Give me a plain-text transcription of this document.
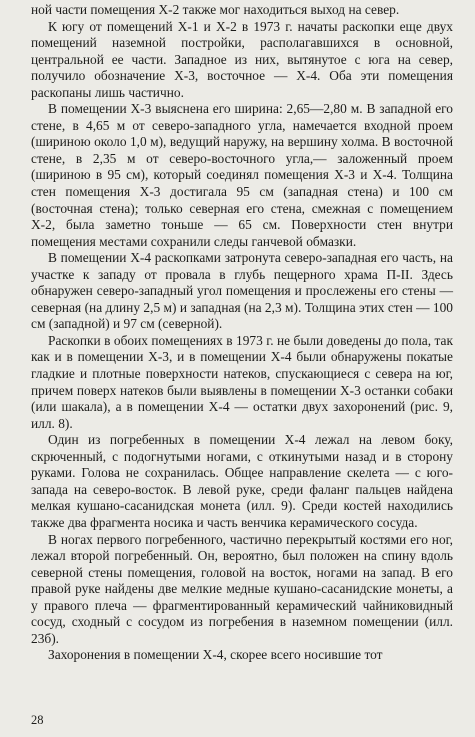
ной части помещения Х-2 также мог находиться выход на север.

К югу от помещений Х-1 и Х-2 в 1973 г. начаты раскопки еще двух помещений наземной постройки, располагавшихся в основной, центральной ее части. Западное из них, вытянутое с юга на север, получило обозначение Х-3, восточное — Х-4. Оба эти помещения раскопаны лишь частично.

В помещении Х-3 выяснена его ширина: 2,65—2,80 м. В западной его стене, в 4,65 м от северо-западного угла, намечается входной проем (шириною около 1,0 м), ведущий наружу, на вершину холма. В восточной стене, в 2,35 м от северо-восточного угла,— заложенный проем (шириною в 95 см), который соединял помещения Х-3 и Х-4. Толщина стен помещения Х-3 достигала 95 см (западная стена) и 100 см (восточная стена); только северная его стена, смежная с помещением Х-2, была заметно тоньше — 65 см. Поверхности стен внутри помещения местами сохранили следы ганчевой обмазки.

В помещении Х-4 раскопками затронута северо-западная его часть, на участке к западу от провала в глубь пещерного храма П-II. Здесь обнаружен северо-западный угол помещения и прослежены его стены — северная (на длину 2,5 м) и западная (на 2,3 м). Толщина этих стен — 100 см (западной) и 97 см (северной).

Раскопки в обоих помещениях в 1973 г. не были доведены до пола, так как и в помещении Х-3, и в помещении Х-4 были обнаружены покатые гладкие и плотные поверхности натеков, спускающиеся с севера на юг, причем поверх натеков были выявлены в помещении Х-3 останки собаки (или шакала), а в помещении Х-4 — остатки двух захоронений (рис. 9, илл. 8).

Один из погребенных в помещении Х-4 лежал на левом боку, скрюченный, с подогнутыми ногами, с откинутыми назад и в сторону руками. Голова не сохранилась. Общее направление скелета — с юго-запада на северо-восток. В левой руке, среди фаланг пальцев найдена мелкая кушано-сасанидская монета (илл. 9). Среди костей находились также два фрагмента носика и часть венчика керамического сосуда.

В ногах первого погребенного, частично перекрытый костями его ног, лежал второй погребенный. Он, вероятно, был положен на спину вдоль северной стены помещения, головой на восток, ногами на запад. В его правой руке найдены две мелкие медные кушано-сасанидские монеты, а у правого плеча — фрагментированный керамический чайниковидный сосуд, сходный с сосудом из погребения в наземном помещении (илл. 23б).

Захоронения в помещении Х-4, скорее всего носившие тот

28
